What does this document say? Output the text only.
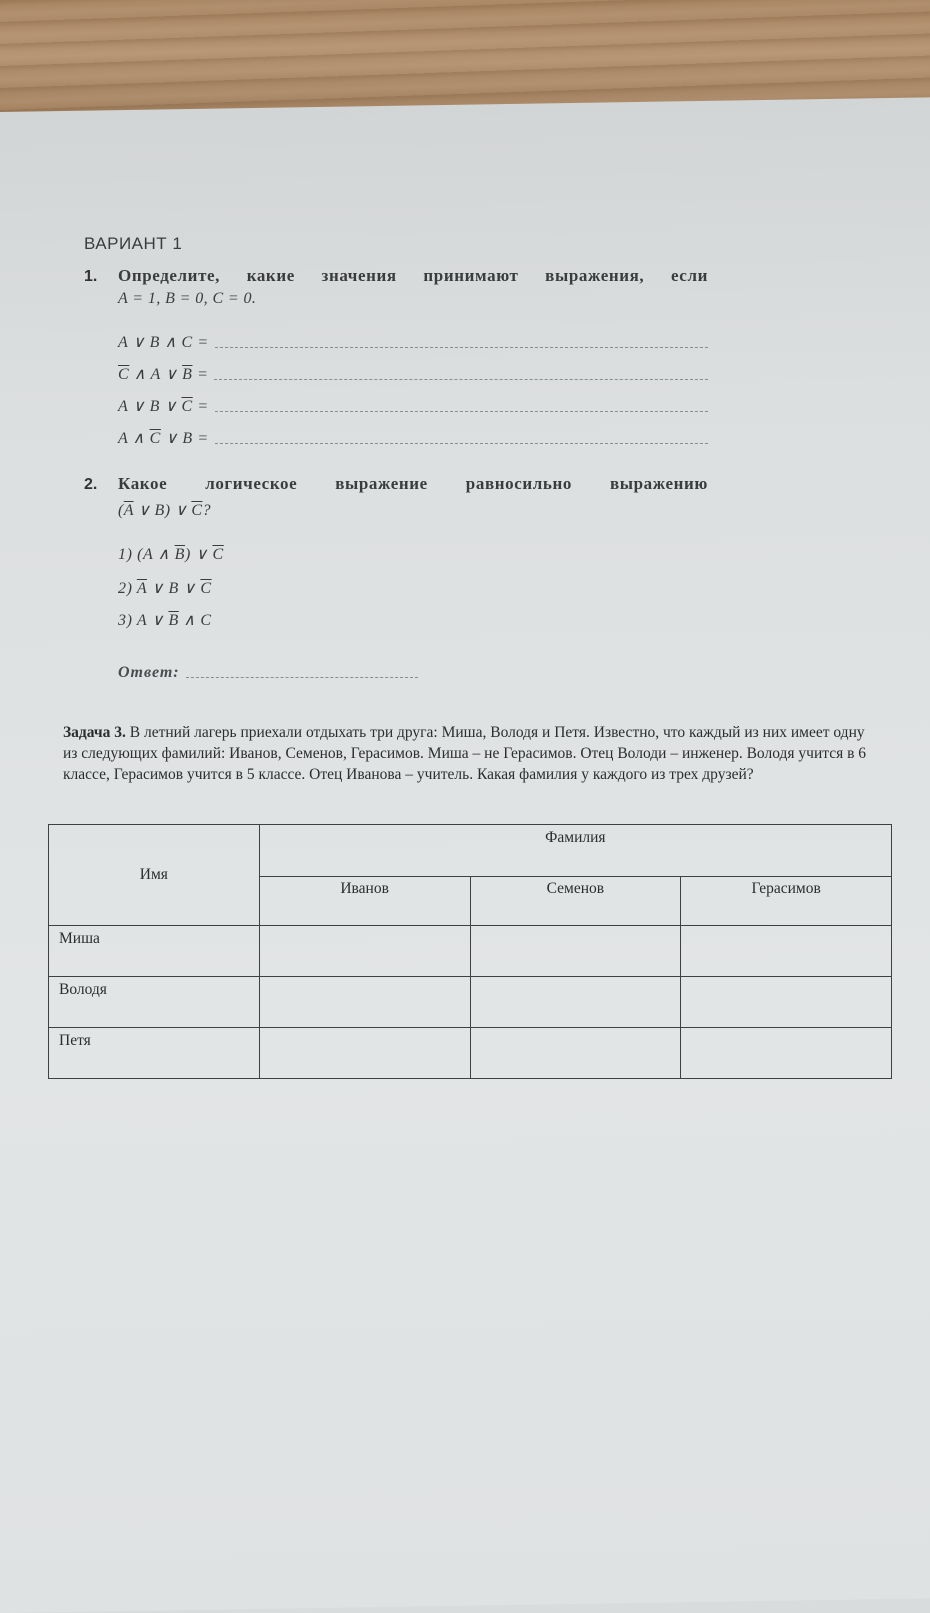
ВАРИАНТ 1
1. Определите, какие значения принимают выражения, если
A = 1, B = 0, C = 0.
A ∨ B ∧ C =
$\overline{C}$ ∧ A ∨ $\overline{B}$ =
A ∨ B ∨ $\overline{C}$ =
A ∧ $\overline{C}$ ∨ B =
2. Какое логическое выражение равносильно выражению
($\overline{A}$ ∨ B) ∨ $\overline{C}$?
1) (A ∧ $\overline{B}$) ∨ $\overline{C}$
2) $\overline{A}$ ∨ B ∨ $\overline{C}$
3) A ∨ $\overline{B}$ ∧ C
Ответ:
Задача 3. В летний лагерь приехали отдыхать три друга: Миша, Володя и Петя. Известно, что каждый из них имеет одну из следующих фамилий: Иванов, Семенов, Герасимов. Миша – не Герасимов. Отец Володи – инженер. Володя учится в 6 классе, Герасимов учится в 5 классе. Отец Иванова – учитель. Какая фамилия у каждого из трех друзей?
Имя	Фамилия		
	Иванов	Семенов	Герасимов
Миша			
Володя			
Петя			
